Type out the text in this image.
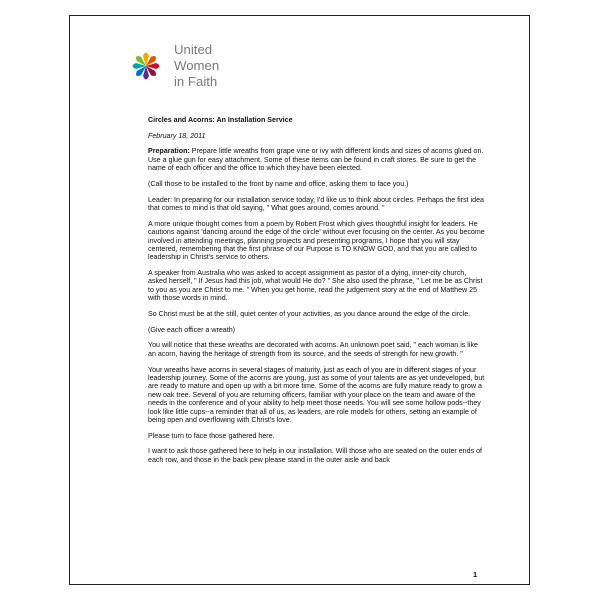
United
Women
in Faith

Circles and Acorns: An Installation Service

February 18, 2011

Preparation: Prepare little wreaths from grape vine or ivy with different kinds and sizes of acorns glued on. Use a glue gun for easy attachment. Some of these items can be found in craft stores. Be sure to get the name of each officer and the office to which they have been elected.

(Call those to be installed to the front by name and office, asking them to face you.)

Leader: In preparing for our installation service today, I'd like us to think about circles. Perhaps the first idea that comes to mind is that old saying, " What goes around, comes around. "

A more unique thought comes from a poem by Robert Frost which gives thoughtful insight for leaders. He cautions against 'dancing around the edge of the circle' without ever focusing on the center. As you become involved in attending meetings, planning projects and presenting programs, I hope that you will stay centered, remembering that the first phrase of our Purpose is TO KNOW GOD, and that you are called to leadership in Christ's service to others.

A speaker from Australia who was asked to accept assignment as pastor of a dying, inner-city church, asked herself, " If Jesus had this job, what would He do? " She also used the phrase, " Let me be as Christ to you as you are Christ to me. " When you get home, read the judgement story at the end of Matthew 25 with those words in mind.

So Christ must be at the still, quiet center of your activities, as you dance around the edge of the circle.

(Give each officer a wreath)

You will notice that these wreaths are decorated with acorns. An unknown poet said, " each woman is like an acorn, having the heritage of strength from its source, and the seeds of strength for new growth. "

Your wreaths have acorns in several stages of maturity, just as each of you are in different stages of your leadership journey. Some of the acorns are young, just as some of your talents are as yet undeveloped, but are ready to mature and open up with a bit more time. Some of the acorns are fully mature ready to grow a new oak tree. Several of you are returning officers, familiar with your place on the team and aware of the needs in the conference and of your ability to help meet those needs. You will see some hollow pods--they look like little cups--a reminder that all of us, as leaders, are role models for others, setting an example of being open and overflowing with Christ's love.

Please turn to face those gathered here.

I want to ask those gathered here to help in our installation. Will those who are seated on the outer ends of each row, and those in the back pew please stand in the outer aisle and back

1
